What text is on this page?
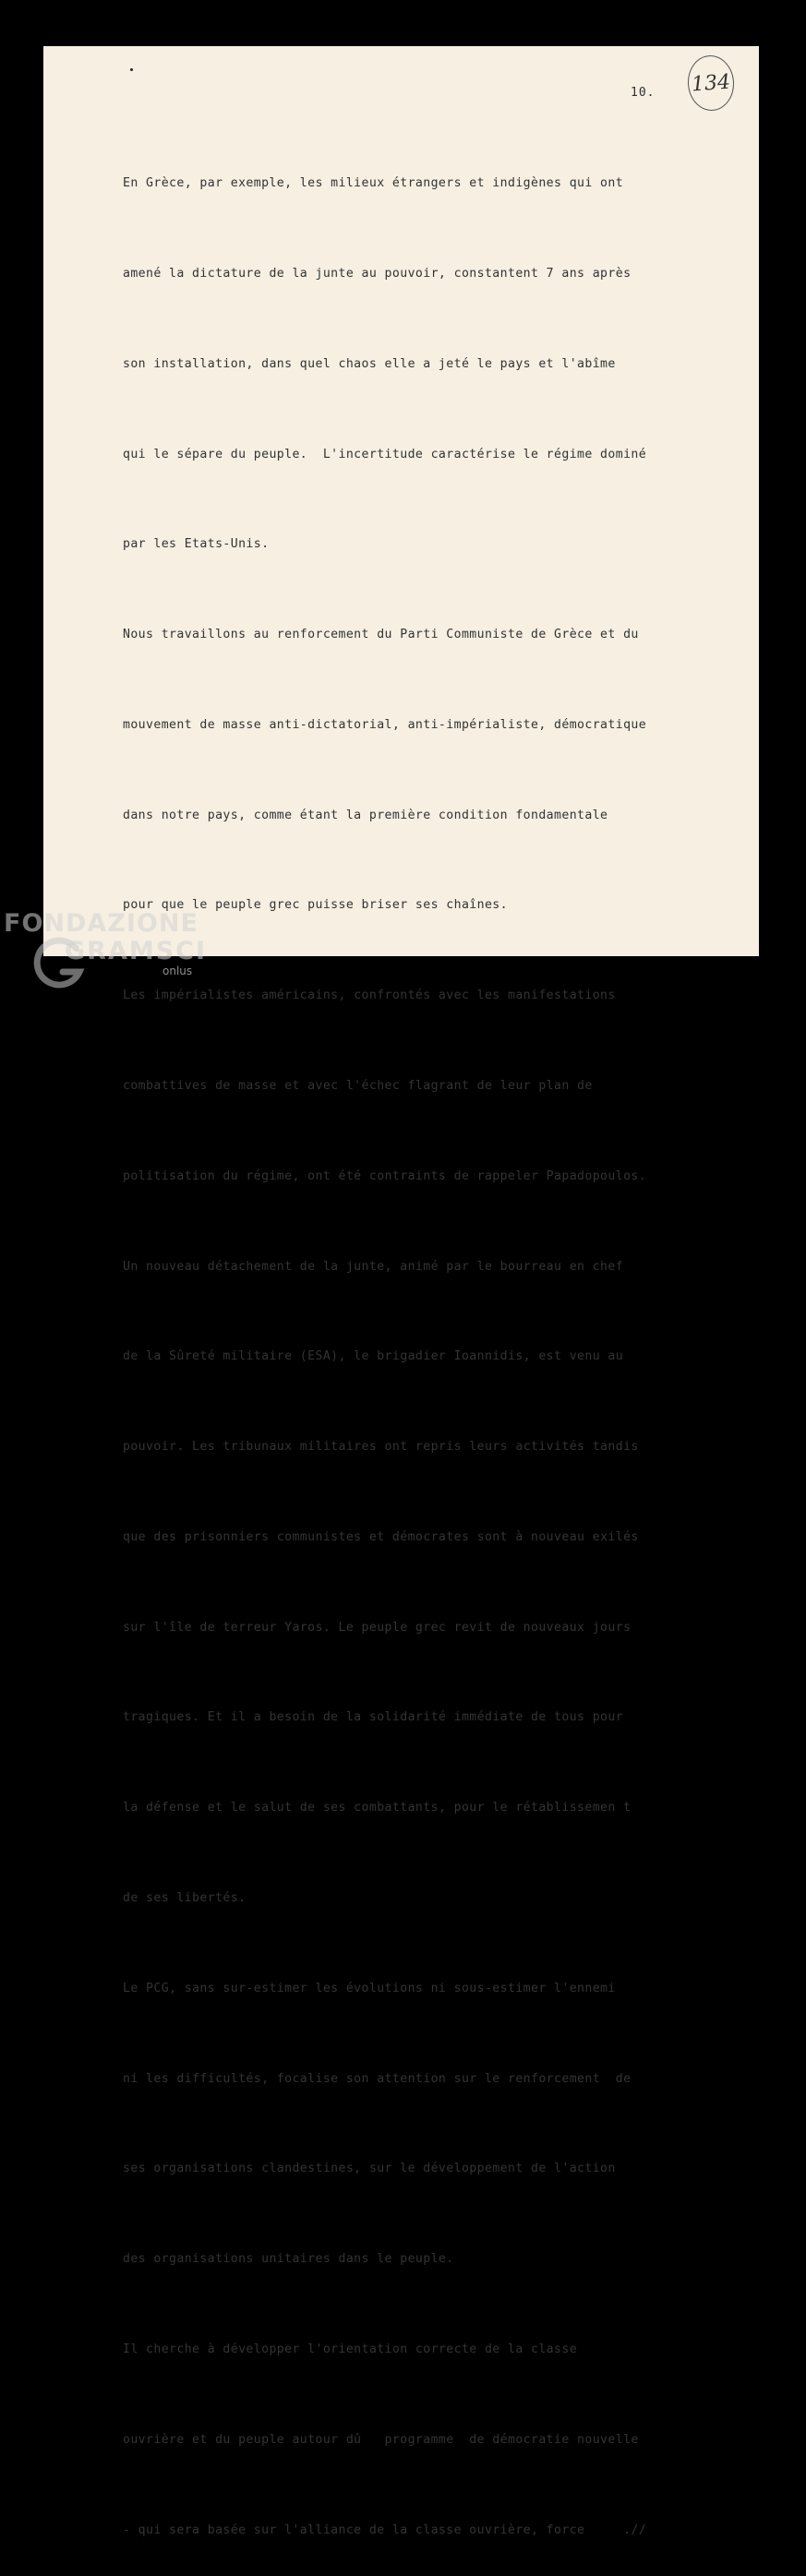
10. 134

En Grèce, par exemple, les milieux étrangers et indigènes qui ont

amené la dictature de la junte au pouvoir, constantent 7 ans après

son installation, dans quel chaos elle a jeté le pays et l'abîme

qui le sépare du peuple.  L'incertitude caractérise le régime dominé

par les Etats-Unis.

Nous travaillons au renforcement du Parti Communiste de Grèce et du

mouvement de masse anti-dictatorial, anti-impérialiste, démocratique

dans notre pays, comme étant la première condition fondamentale

pour que le peuple grec puisse briser ses chaînes.

Les impérialistes américains, confrontés avec les manifestations

combattives de masse et avec l'échec flagrant de leur plan de

politisation du régime, ont été contraints de rappeler Papadopoulos.

Un nouveau détachement de la junte, animé par le bourreau en chef

de la Sûreté militaire (ESA), le brigadier Ioannidis, est venu au

pouvoir. Les tribunaux militaires ont repris leurs activités tandis

que des prisonniers communistes et démocrates sont à nouveau exilés

sur l'île de terreur Yaros. Le peuple grec revit de nouveaux jours

tragiques. Et il a besoin de la solidarité immédiate de tous pour

la défense et le salut de ses combattants, pour le rétablissemen t

de ses libertés.

Le PCG, sans sur-estimer les évolutions ni sous-estimer l'ennemi

ni les difficultés, focalise son attention sur le renforcement  de

ses organisations clandestines, sur le développement de l'action

des organisations unitaires dans le peuple.

Il cherche à développer l'orientation correcte de la classe

ouvrière et du peuple autour dû   programme  de démocratie nouvelle

- qui sera basée sur l'alliance de la classe ouvrière, force     .//

FONDAZIONE
GRAMSCI
onlus
